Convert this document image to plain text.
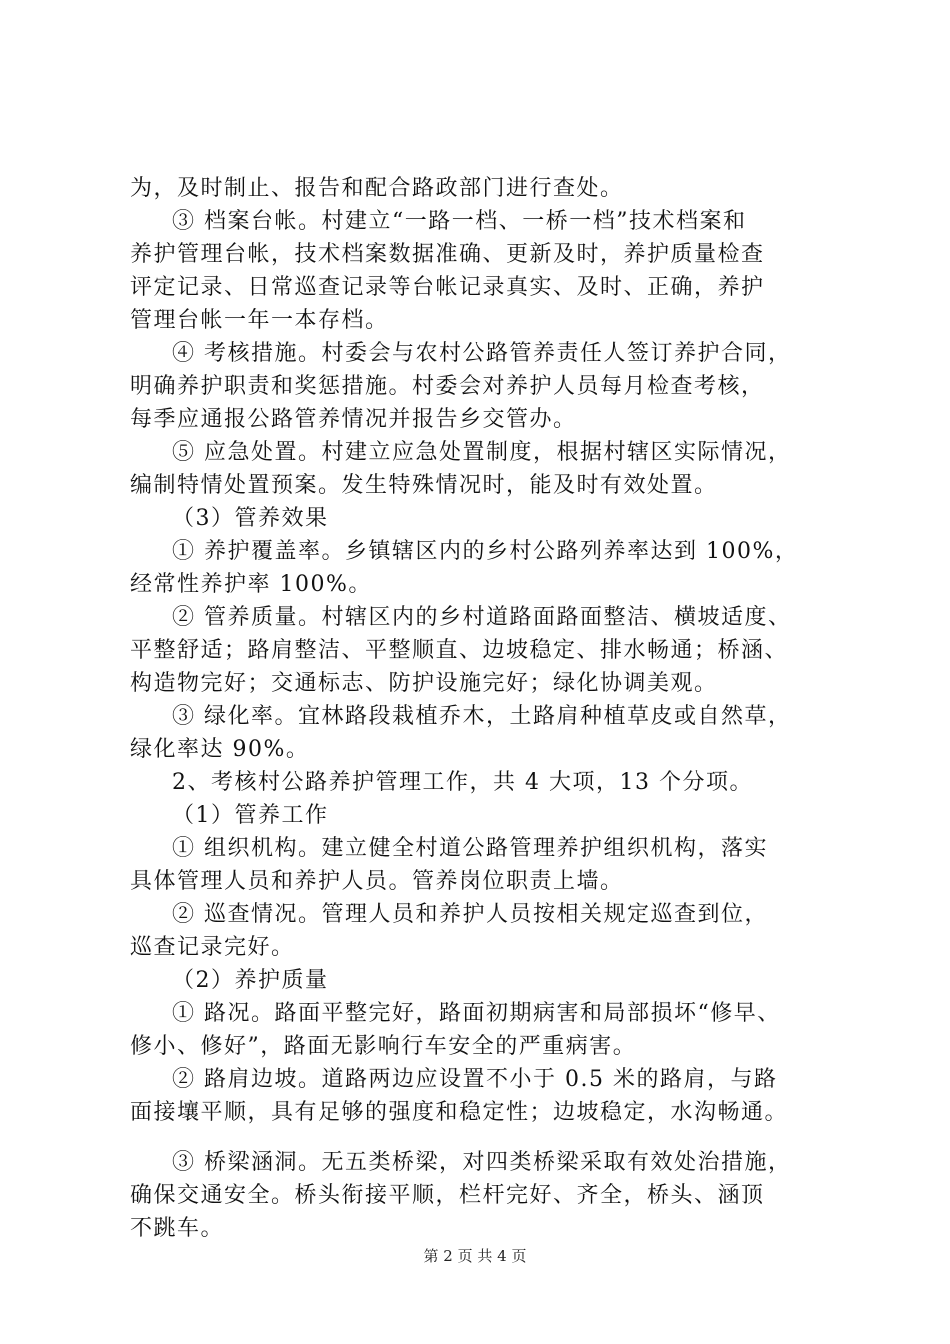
为，及时制止、报告和配合路政部门进行查处。
③ 档案台帐。村建立“一路一档、一桥一档”技术档案和
养护管理台帐，技术档案数据准确、更新及时，养护质量检查
评定记录、日常巡查记录等台帐记录真实、及时、正确，养护
管理台帐一年一本存档。
④ 考核措施。村委会与农村公路管养责任人签订养护合同，
明确养护职责和奖惩措施。村委会对养护人员每月检查考核，
每季应通报公路管养情况并报告乡交管办。
⑤ 应急处置。村建立应急处置制度，根据村辖区实际情况，
编制特情处置预案。发生特殊情况时，能及时有效处置。
（3）管养效果
① 养护覆盖率。乡镇辖区内的乡村公路列养率达到 100%，
经常性养护率 100%。
② 管养质量。村辖区内的乡村道路面路面整洁、横坡适度、
平整舒适；路肩整洁、平整顺直、边坡稳定、排水畅通；桥涵、
构造物完好；交通标志、防护设施完好；绿化协调美观。
③ 绿化率。宜林路段栽植乔木，土路肩种植草皮或自然草，
绿化率达 90%。
2、考核村公路养护管理工作，共 4 大项，13 个分项。
（1）管养工作
① 组织机构。建立健全村道公路管理养护组织机构，落实
具体管理人员和养护人员。管养岗位职责上墙。
② 巡查情况。管理人员和养护人员按相关规定巡查到位，
巡查记录完好。
（2）养护质量
① 路况。路面平整完好，路面初期病害和局部损坏“修早、
修小、修好”，路面无影响行车安全的严重病害。
② 路肩边坡。道路两边应设置不小于 0.5 米的路肩，与路
面接壤平顺，具有足够的强度和稳定性；边坡稳定，水沟畅通。
③ 桥梁涵洞。无五类桥梁，对四类桥梁采取有效处治措施，
确保交通安全。桥头衔接平顺，栏杆完好、齐全，桥头、涵顶
不跳车。
第 2 页 共 4 页
